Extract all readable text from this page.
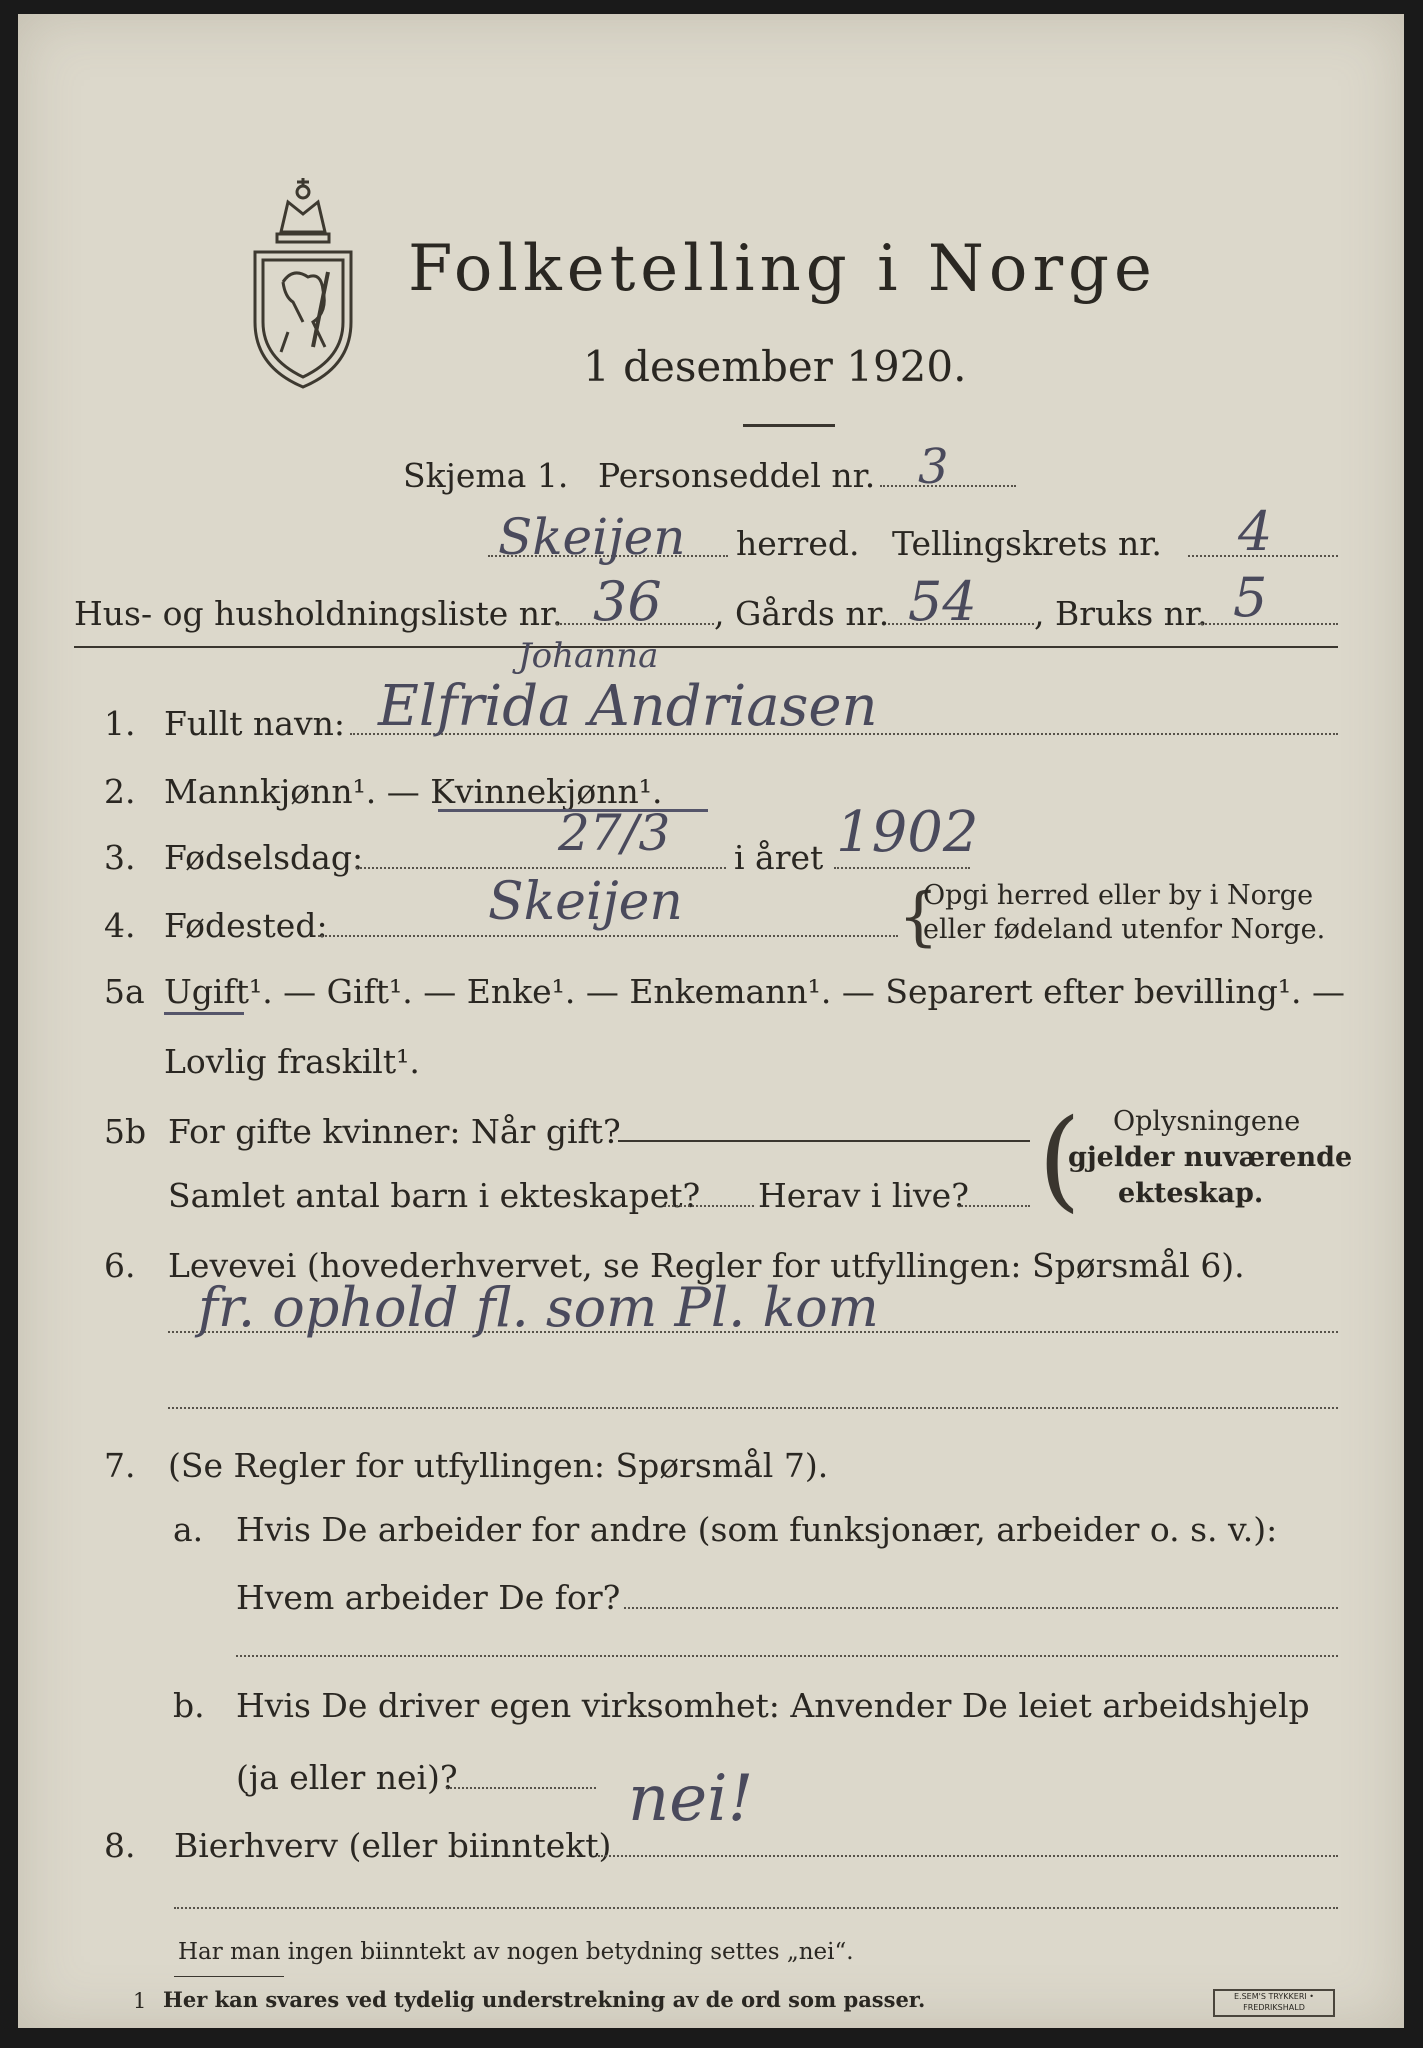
Folketelling i Norge
1 desember 1920.
Skjema 1. Personseddel nr. 3
Skeijen herred. Tellingskrets nr. 4
Hus- og husholdningsliste nr. 36 , Gårds nr. 54 , Bruks nr. 5
1. Fullt navn:
Johanna
Elfrida Andriasen
2. Mannkjønn¹. — Kvinnekjønn¹.
3. Fødselsdag:	27/3 i året 1902
4. Fødested:	Skeijen	{
Opgi herred eller by i Norge
eller fødeland utenfor Norge.
5a Ugift¹. — Gift¹. — Enke¹. — Enkemann¹. — Separert efter bevilling¹. —
Lovlig fraskilt¹.
5b For gifte kvinner: Når gift?
Samlet antal barn i ekteskapet? Herav i live? ( Oplysningene
gjelder nuværende
ekteskap.
6. Levevei (hovederhvervet, se Regler for utfyllingen: Spørsmål 6).
fr. ophold fl. som Pl. kom
7. (Se Regler for utfyllingen: Spørsmål 7).
a. Hvis De arbeider for andre (som funksjonær, arbeider o. s. v.):
Hvem arbeider De for?
b. Hvis De driver egen virksomhet: Anvender De leiet arbeidshjelp
(ja eller nei)?
8. Bierhverv (eller biinntekt)
nei!
Har man ingen biinntekt av nogen betydning settes „nei“.
1 Her kan svares ved tydelig understrekning av de ord som passer.	E.SEM'S TRYKKERI • FREDRIKSHALD
